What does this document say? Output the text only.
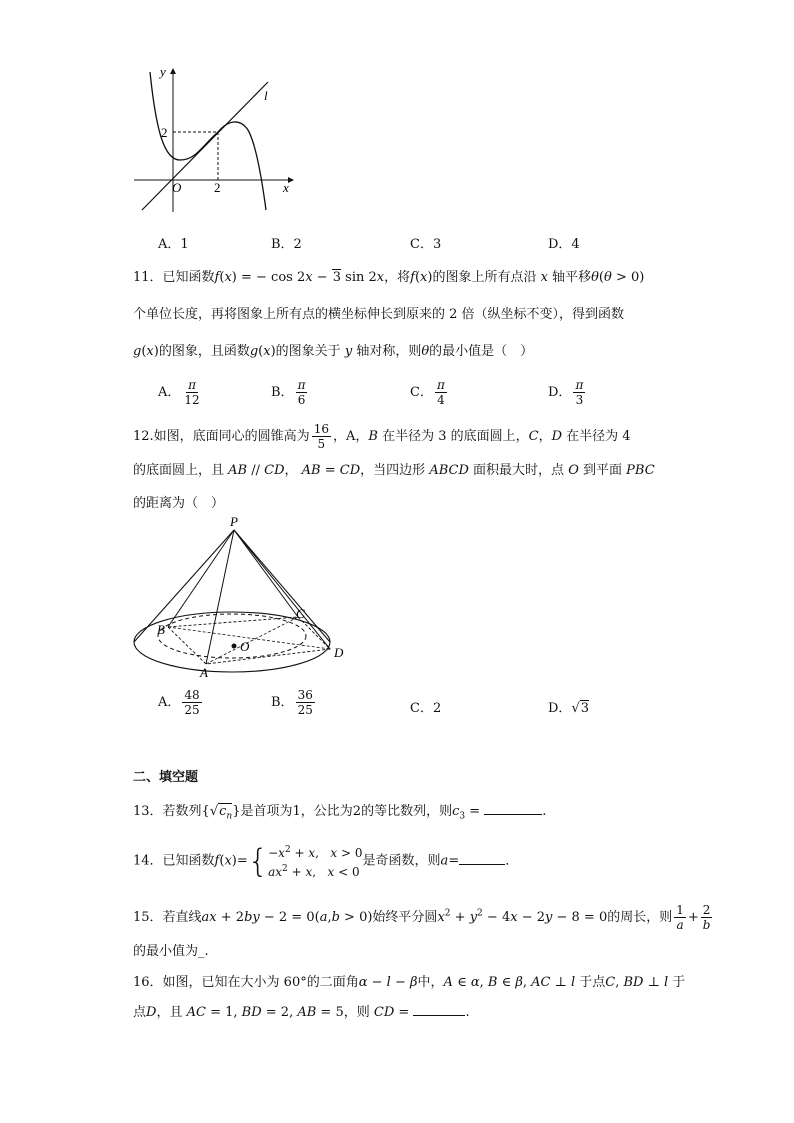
y
x
l
O
2
2
A．1	B．2	C．3	D．4
11．已知函数f(x) = − cos 2x − 3 sin 2x，将f(x)的图象上所有点沿 x 轴平移θ(θ > 0)
个单位长度，再将图象上所有点的横坐标伸长到原来的 2 倍（纵坐标不变），得到函数
g(x)的图象，且函数g(x)的图象关于 y 轴对称，则θ的最小值是（　）
A． $\frac{\pi}{12}$	B． $\frac{\pi}{6}$	C． $\frac{\pi}{4}$	D． $\frac{\pi}{3}$
12.如图，底面同心的圆锥高为 $\frac{16}{5}$ ，A，B 在半径为 3 的底面圆上，C，D 在半径为 4
的底面圆上，且 AB // CD， AB = CD，当四边形 ABCD 面积最大时，点 O 到平面 PBC
的距离为（　）
P
B
C
D
A
O
A． $\frac{48}{25}$	B． $\frac{36}{25}$	C．2	D．√3
二、填空题
13．若数列$\{√c_n\}$是首项为1，公比为2的等比数列，则$c_3$ =	.
14．已知函数$f(x)=\{ -x^2 + x$,   x > 0
$ax^2 + x$,   x < 0
是奇函数，则a=	．
15．若直线ax + 2by − 2 = 0(a,b > 0)始终平分圆$x^2 + y^2 - 4x - 2y - 8 = 0$的周长，则 $\frac{1}{a} + \frac{2}{b}$
的最小值为_.
16．如图，已知在大小为 60°的二面角α − l − β中，A ∈ α, B ∈ β, AC ⊥ l 于点C, BD ⊥ l 于
点D，且 AC = 1, BD = 2, AB = 5，则 CD =	.
